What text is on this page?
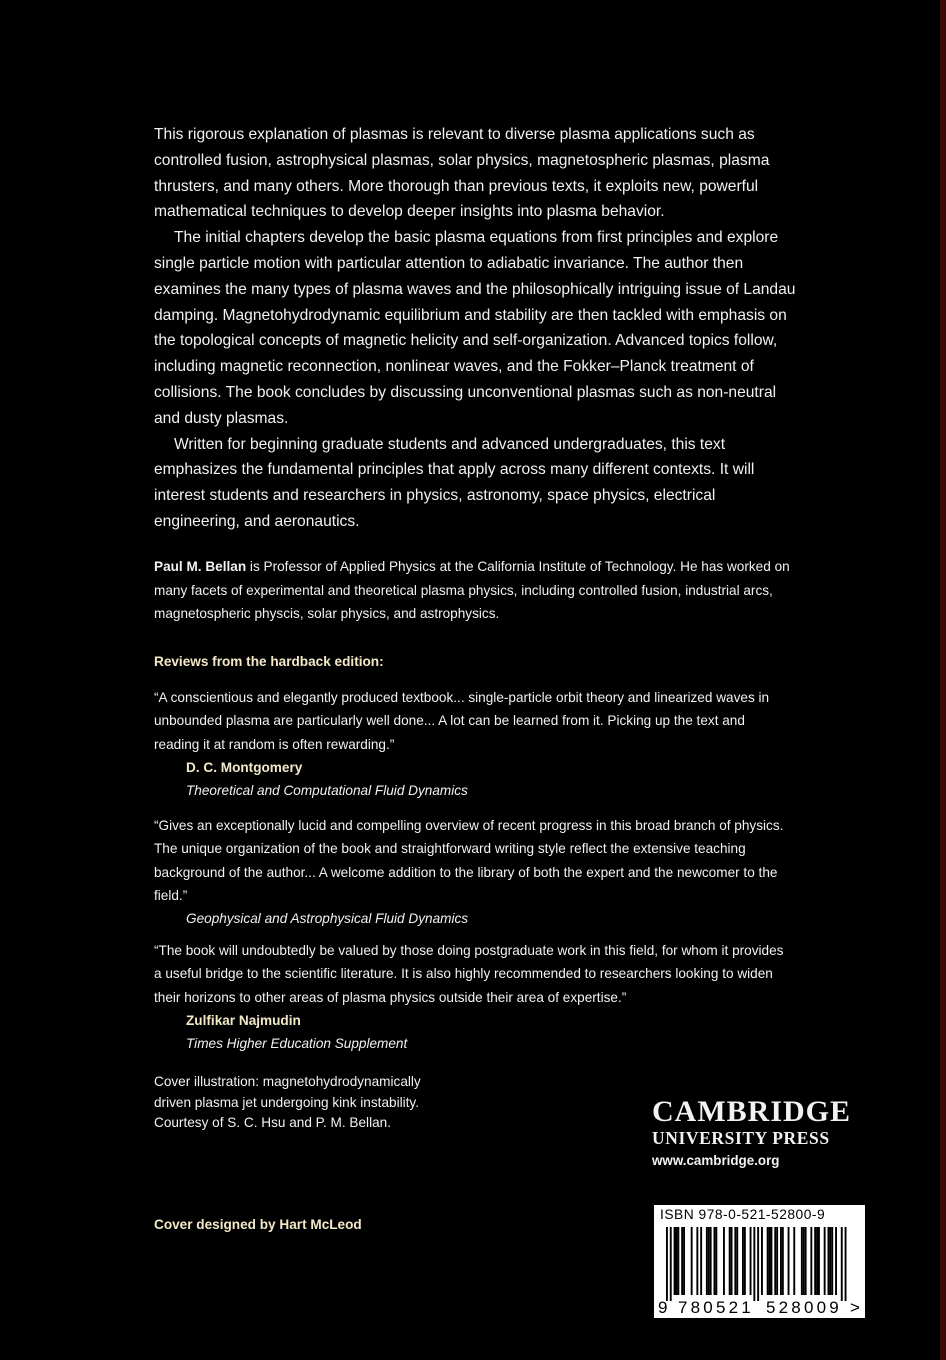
This rigorous explanation of plasmas is relevant to diverse plasma applications such as controlled fusion, astrophysical plasmas, solar physics, magnetospheric plasmas, plasma thrusters, and many others. More thorough than previous texts, it exploits new, powerful mathematical techniques to develop deeper insights into plasma behavior.

The initial chapters develop the basic plasma equations from first principles and explore single particle motion with particular attention to adiabatic invariance. The author then examines the many types of plasma waves and the philosophically intriguing issue of Landau damping. Magnetohydrodynamic equilibrium and stability are then tackled with emphasis on the topological concepts of magnetic helicity and self-organization. Advanced topics follow, including magnetic reconnection, nonlinear waves, and the Fokker–Planck treatment of collisions. The book concludes by discussing unconventional plasmas such as non-neutral and dusty plasmas.

Written for beginning graduate students and advanced undergraduates, this text emphasizes the fundamental principles that apply across many different contexts. It will interest students and researchers in physics, astronomy, space physics, electrical engineering, and aeronautics.

Paul M. Bellan is Professor of Applied Physics at the California Institute of Technology. He has worked on many facets of experimental and theoretical plasma physics, including controlled fusion, industrial arcs, magnetospheric physcis, solar physics, and astrophysics.

Reviews from the hardback edition:

“A conscientious and elegantly produced textbook... single-particle orbit theory and linearized waves in unbounded plasma are particularly well done... A lot can be learned from it. Picking up the text and reading it at random is often rewarding.”

D. C. Montgomery

Theoretical and Computational Fluid Dynamics

“Gives an exceptionally lucid and compelling overview of recent progress in this broad branch of physics. The unique organization of the book and straightforward writing style reflect the extensive teaching background of the author... A welcome addition to the library of both the expert and the newcomer to the field.”

Geophysical and Astrophysical Fluid Dynamics

“The book will undoubtedly be valued by those doing postgraduate work in this field, for whom it provides a useful bridge to the scientific literature. It is also highly recommended to researchers looking to widen their horizons to other areas of plasma physics outside their area of expertise.”

Zulfikar Najmudin

Times Higher Education Supplement

Cover illustration: magnetohydrodynamically
driven plasma jet undergoing kink instability.
Courtesy of S. C. Hsu and P. M. Bellan.

Cover designed by Hart McLeod

CAMBRIDGE
UNIVERSITY PRESS
www.cambridge.org
ISBN 978-0-521-52800-9
9 780521 528009 >
